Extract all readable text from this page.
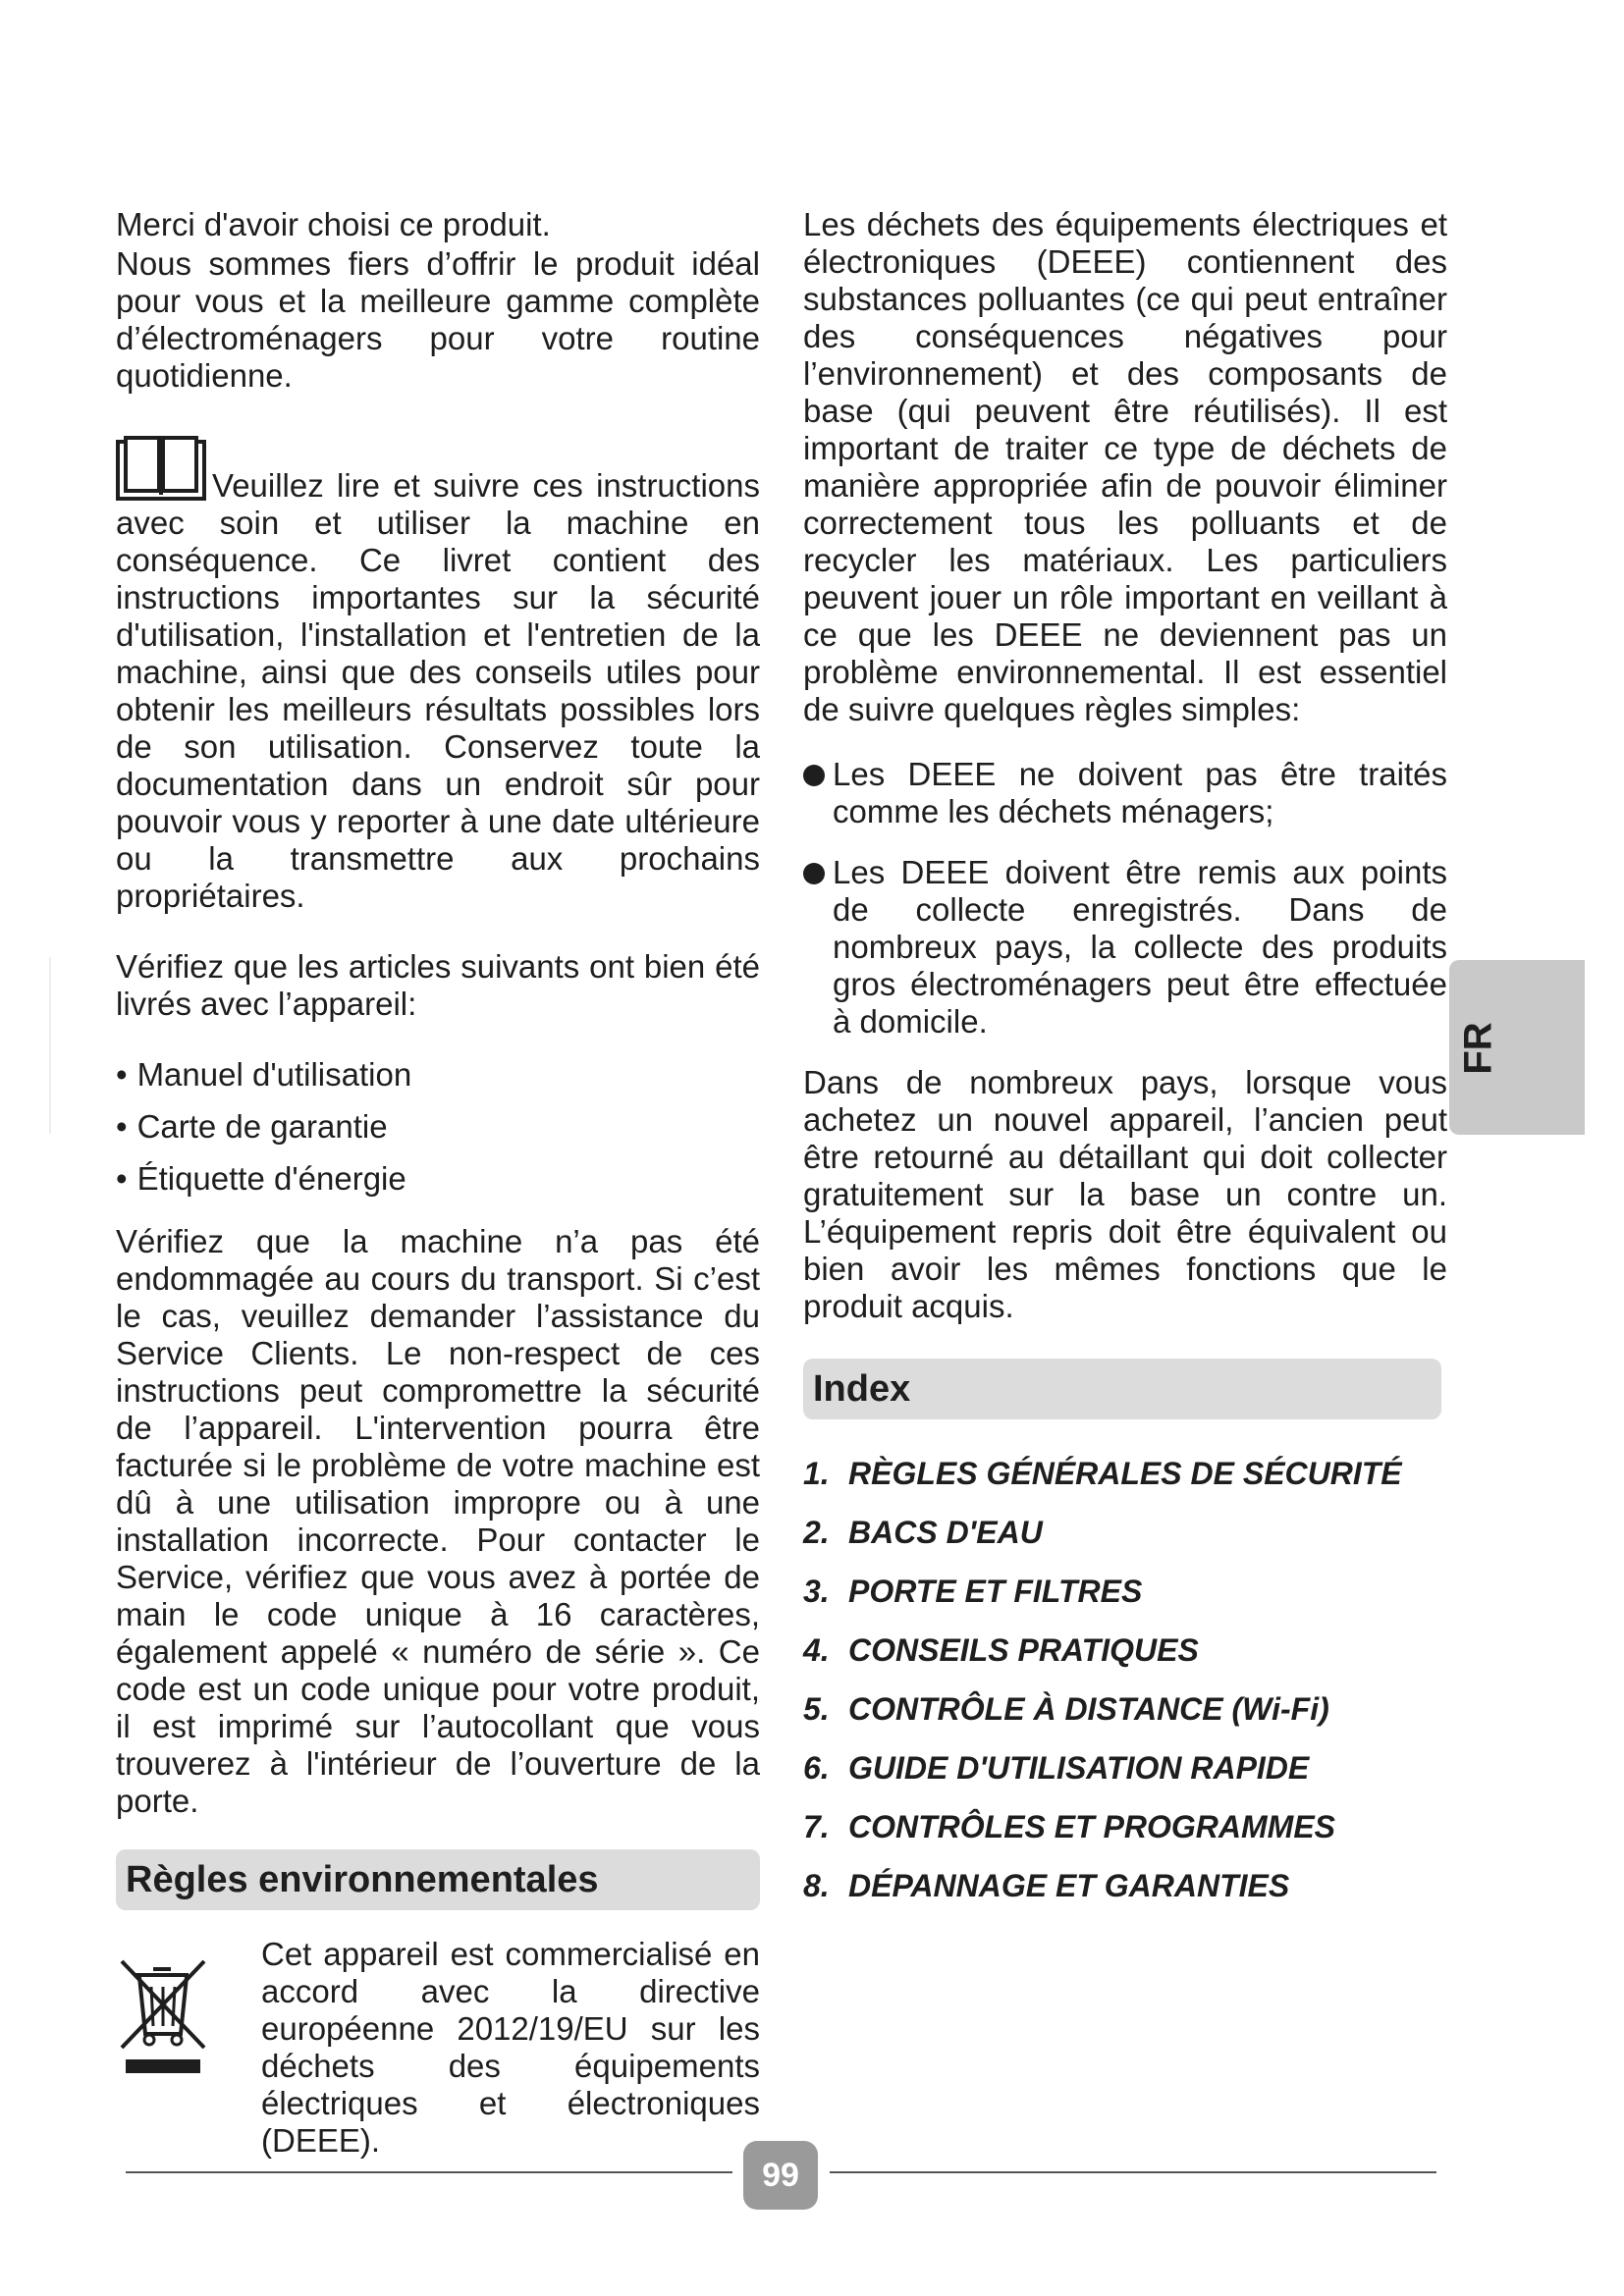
Merci d'avoir choisi ce produit.

Nous sommes fiers d’offrir le produit idéal pour vous et la meilleure gamme complète d’électroménagers pour votre routine quotidienne.

Veuillez lire et suivre ces instructions avec soin et utiliser la machine en conséquence. Ce livret contient des instructions importantes sur la sécurité d'utilisation, l'installation et l'entretien de la machine, ainsi que des conseils utiles pour obtenir les meilleurs résultats possibles lors de son utilisation. Conservez toute la documentation dans un endroit sûr pour pouvoir vous y reporter à une date ultérieure ou la transmettre aux prochains propriétaires.

Vérifiez que les articles suivants ont bien été livrés avec l’appareil:

• Manuel d'utilisation
• Carte de garantie
• Étiquette d'énergie

Vérifiez que la machine n’a pas été endommagée au cours du transport. Si c’est le cas, veuillez demander l’assistance du Service Clients. Le non-respect de ces instructions peut compromettre la sécurité de l’appareil. L'intervention pourra être facturée si le problème de votre machine est dû à une utilisation impropre ou à une installation incorrecte. Pour contacter le Service, vérifiez que vous avez à portée de main le code unique à 16 caractères, également appelé « numéro de série ». Ce code est un code unique pour votre produit, il est imprimé sur l’autocollant que vous trouverez à l'intérieur de l’ouverture de la porte.

Règles environnementales

Cet appareil est commercialisé en accord avec la directive européenne 2012/19/EU sur les déchets des équipements électriques et électroniques (DEEE).

Les déchets des équipements électriques et électroniques (DEEE) contiennent des substances polluantes (ce qui peut entraîner des conséquences négatives pour l’environnement) et des composants de base (qui peuvent être réutilisés). Il est important de traiter ce type de déchets de manière appropriée afin de pouvoir éliminer correctement tous les polluants et de recycler les matériaux. Les particuliers peuvent jouer un rôle important en veillant à ce que les DEEE ne deviennent pas un problème environnemental. Il est essentiel de suivre quelques règles simples:

Les DEEE ne doivent pas être traités comme les déchets ménagers;
Les DEEE doivent être remis aux points de collecte enregistrés. Dans de nombreux pays, la collecte des produits gros électroménagers peut être effectuée à domicile.

Dans de nombreux pays, lorsque vous achetez un nouvel appareil, l’ancien peut être retourné au détaillant qui doit collecter gratuitement sur la base un contre un. L’équipement repris doit être équivalent ou bien avoir les mêmes fonctions que le produit acquis.

Index
1. RÈGLES GÉNÉRALES DE SÉCURITÉ
2. BACS D'EAU
3. PORTE ET FILTRES
4. CONSEILS PRATIQUES
5. CONTRÔLE À DISTANCE (Wi-Fi)
6. GUIDE D'UTILISATION RAPIDE
7. CONTRÔLES ET PROGRAMMES
8. DÉPANNAGE ET GARANTIES
FR
99
